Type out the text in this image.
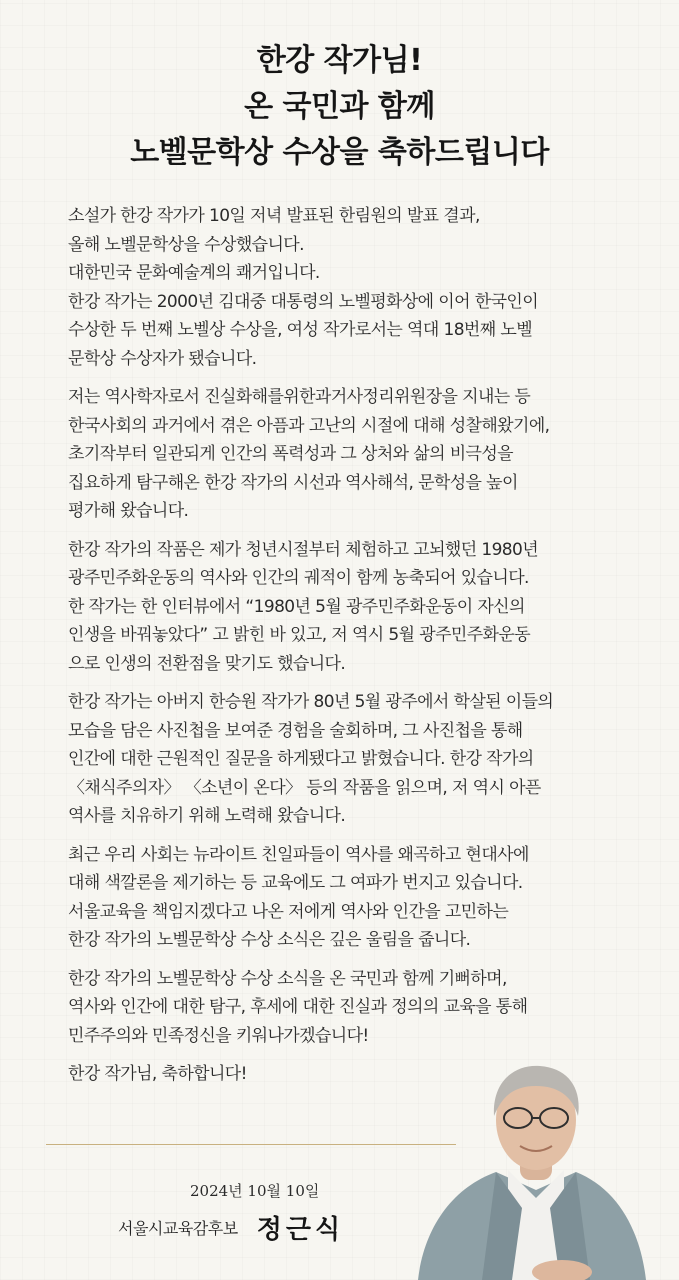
한강 작가님!
온 국민과 함께
노벨문학상 수상을 축하드립니다
소설가 한강 작가가 10일 저녁 발표된 한림원의 발표 결과,
올해 노벨문학상을 수상했습니다.
대한민국 문화예술계의 쾌거입니다.
한강 작가는 2000년 김대중 대통령의 노벨평화상에 이어 한국인이
수상한 두 번째 노벨상 수상을, 여성 작가로서는 역대 18번째 노벨
문학상 수상자가 됐습니다.
저는 역사학자로서 진실화해를위한과거사정리위원장을 지내는 등
한국사회의 과거에서 겪은 아픔과 고난의 시절에 대해 성찰해왔기에,
초기작부터 일관되게 인간의 폭력성과 그 상처와 삶의 비극성을
집요하게 탐구해온 한강 작가의 시선과 역사해석, 문학성을 높이
평가해 왔습니다.
한강 작가의 작품은 제가 청년시절부터 체험하고 고뇌했던 1980년
광주민주화운동의 역사와 인간의 궤적이 함께 농축되어 있습니다.
한 작가는 한 인터뷰에서 “1980년 5월 광주민주화운동이 자신의
인생을 바꿔놓았다” 고 밝힌 바 있고, 저 역시 5월 광주민주화운동
으로 인생의 전환점을 맞기도 했습니다.
한강 작가는 아버지 한승원 작가가 80년 5월 광주에서 학살된 이들의
모습을 담은 사진첩을 보여준 경험을 술회하며, 그 사진첩을 통해
인간에 대한 근원적인 질문을 하게됐다고 밝혔습니다. 한강 작가의
〈채식주의자〉 〈소년이 온다〉 등의 작품을 읽으며, 저 역시 아픈
역사를 치유하기 위해 노력해 왔습니다.
최근 우리 사회는 뉴라이트 친일파들이 역사를 왜곡하고 현대사에
대해 색깔론을 제기하는 등 교육에도 그 여파가 번지고 있습니다.
서울교육을 책임지겠다고 나온 저에게 역사와 인간을 고민하는
한강 작가의 노벨문학상 수상 소식은 깊은 울림을 줍니다.
한강 작가의 노벨문학상 수상 소식을 온 국민과 함께 기뻐하며,
역사와 인간에 대한 탐구, 후세에 대한 진실과 정의의 교육을 통해
민주주의와 민족정신을 키워나가겠습니다!
한강 작가님, 축하합니다!
2024년 10월 10일
서울시교육감후보 정근식
